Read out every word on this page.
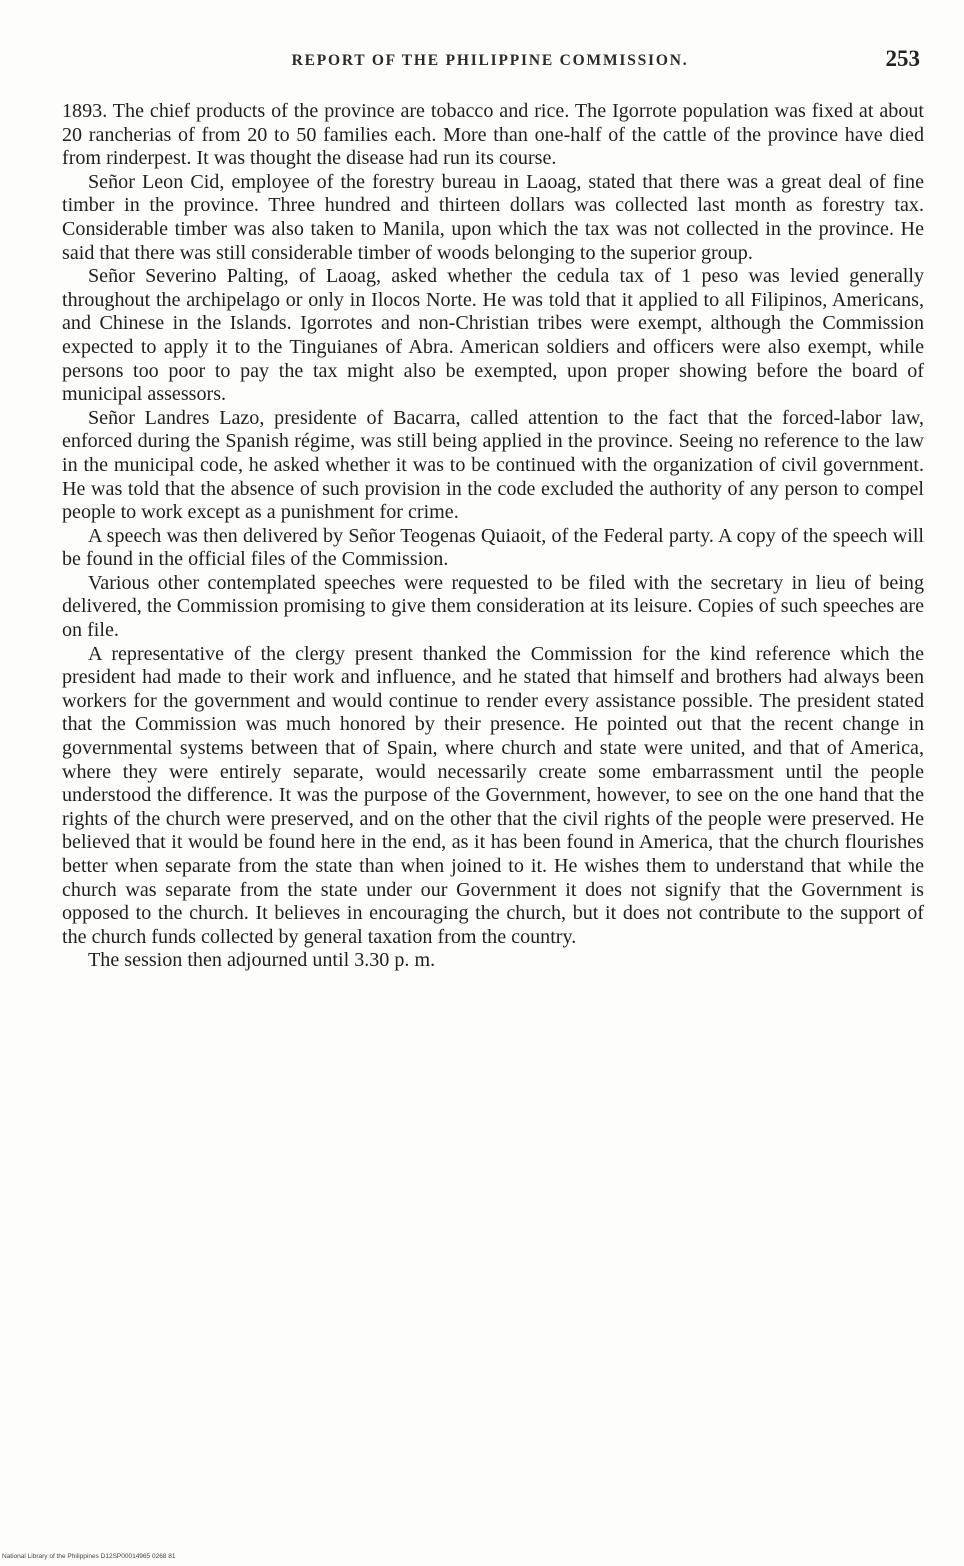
REPORT OF THE PHILIPPINE COMMISSION.	253

1893. The chief products of the province are tobacco and rice. The Igorrote population was fixed at about 20 rancherias of from 20 to 50 families each. More than one-half of the cattle of the province have died from rinderpest. It was thought the disease had run its course.

Señor Leon Cid, employee of the forestry bureau in Laoag, stated that there was a great deal of fine timber in the province. Three hundred and thirteen dollars was collected last month as forestry tax. Considerable timber was also taken to Manila, upon which the tax was not collected in the province. He said that there was still considerable timber of woods belonging to the superior group.

Señor Severino Palting, of Laoag, asked whether the cedula tax of 1 peso was levied generally throughout the archipelago or only in Ilocos Norte. He was told that it applied to all Filipinos, Americans, and Chinese in the Islands. Igorrotes and non-Christian tribes were exempt, although the Commission expected to apply it to the Tinguianes of Abra. American soldiers and officers were also exempt, while persons too poor to pay the tax might also be exempted, upon proper showing before the board of municipal assessors.

Señor Landres Lazo, presidente of Bacarra, called attention to the fact that the forced-labor law, enforced during the Spanish régime, was still being applied in the province. Seeing no reference to the law in the municipal code, he asked whether it was to be continued with the organization of civil government. He was told that the absence of such provision in the code excluded the authority of any person to compel people to work except as a punishment for crime.

A speech was then delivered by Señor Teogenas Quiaoit, of the Federal party. A copy of the speech will be found in the official files of the Commission.

Various other contemplated speeches were requested to be filed with the secretary in lieu of being delivered, the Commission promising to give them consideration at its leisure. Copies of such speeches are on file.

A representative of the clergy present thanked the Commission for the kind reference which the president had made to their work and influence, and he stated that himself and brothers had always been workers for the government and would continue to render every assistance possible. The president stated that the Commission was much honored by their presence. He pointed out that the recent change in governmental systems between that of Spain, where church and state were united, and that of America, where they were entirely separate, would necessarily create some embarrassment until the people understood the difference. It was the purpose of the Government, however, to see on the one hand that the rights of the church were preserved, and on the other that the civil rights of the people were preserved. He believed that it would be found here in the end, as it has been found in America, that the church flourishes better when separate from the state than when joined to it. He wishes them to understand that while the church was separate from the state under our Government it does not signify that the Government is opposed to the church. It believes in encouraging the church, but it does not contribute to the support of the church funds collected by general taxation from the country.

The session then adjourned until 3.30 p. m.

National Library of the Philippines D12SP00014965 0268 81
